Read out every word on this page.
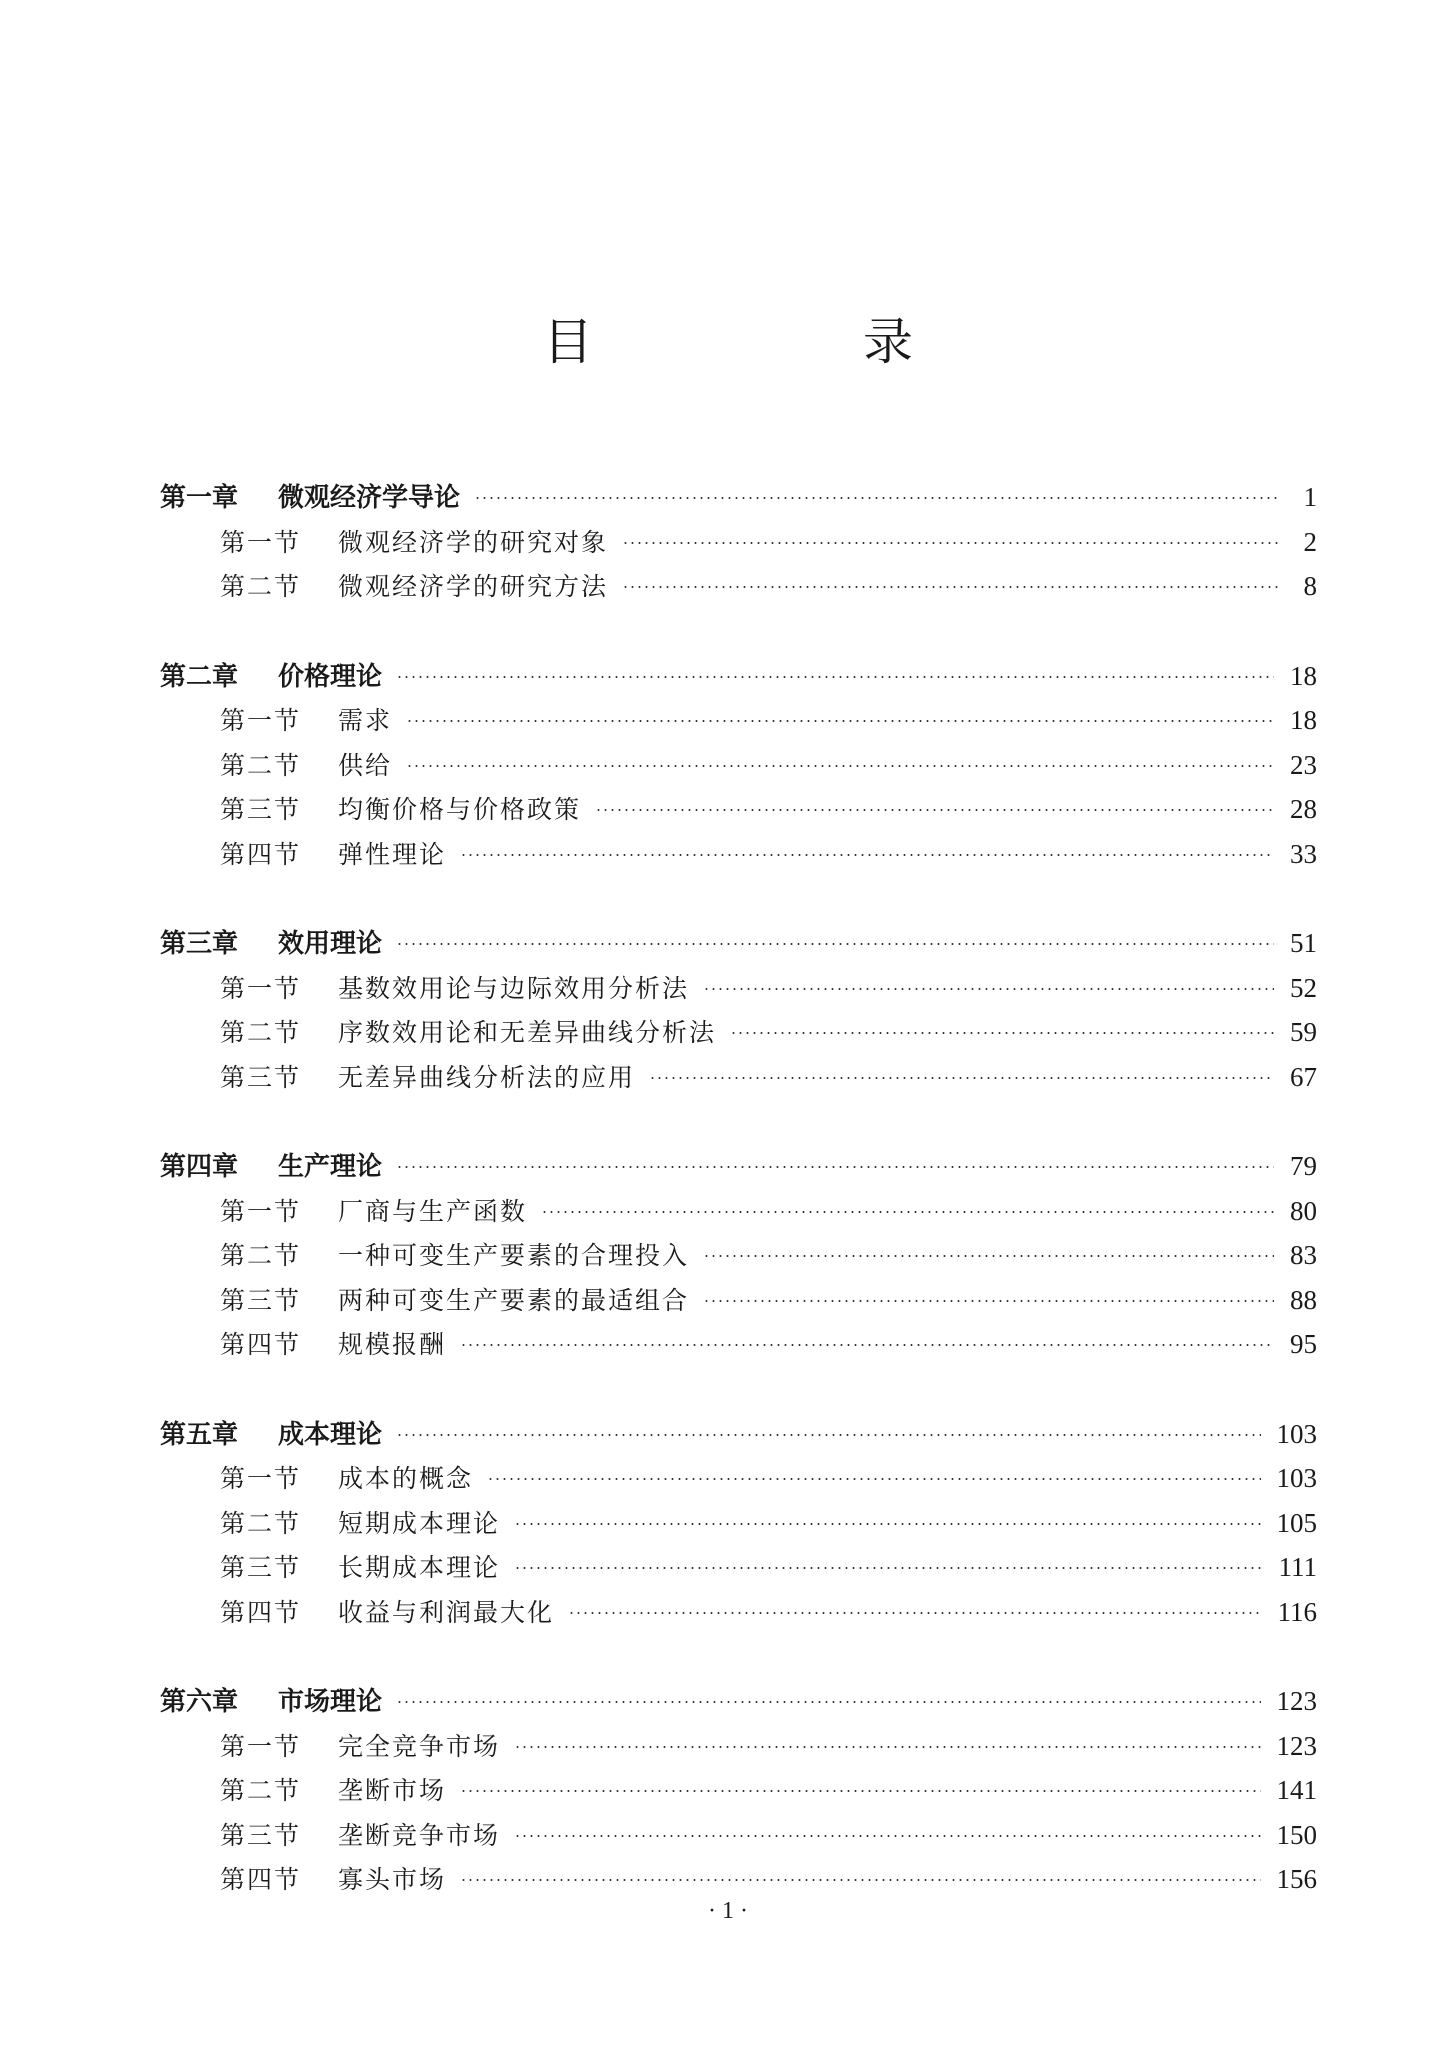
目　录
第一章	微观经济学导论	1
第一节	微观经济学的研究对象	2
第二节	微观经济学的研究方法	8
第二章	价格理论	18
第一节	需求	18
第二节	供给	23
第三节	均衡价格与价格政策	28
第四节	弹性理论	33
第三章	效用理论	51
第一节	基数效用论与边际效用分析法	52
第二节	序数效用论和无差异曲线分析法	59
第三节	无差异曲线分析法的应用	67
第四章	生产理论	79
第一节	厂商与生产函数	80
第二节	一种可变生产要素的合理投入	83
第三节	两种可变生产要素的最适组合	88
第四节	规模报酬	95
第五章	成本理论	103
第一节	成本的概念	103
第二节	短期成本理论	105
第三节	长期成本理论	111
第四节	收益与利润最大化	116
第六章	市场理论	123
第一节	完全竞争市场	123
第二节	垄断市场	141
第三节	垄断竞争市场	150
第四节	寡头市场	156
· 1 ·
